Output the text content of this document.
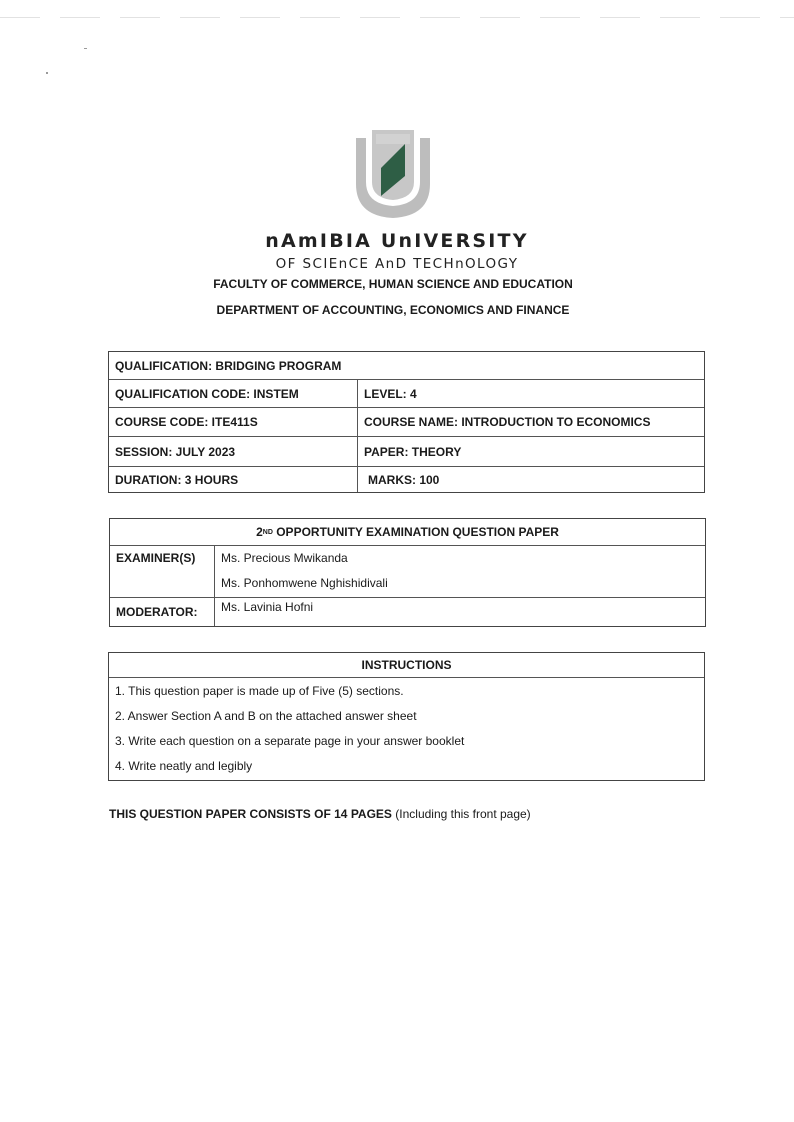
nAmIBIA UnIVERSITY
OF SCIEnCE AnD TECHnOLOGY
FACULTY OF COMMERCE, HUMAN SCIENCE AND EDUCATION
DEPARTMENT OF ACCOUNTING, ECONOMICS AND FINANCE
QUALIFICATION: BRIDGING PROGRAM
QUALIFICATION CODE: INSTEM	LEVEL: 4
COURSE CODE: ITE411S	COURSE NAME: INTRODUCTION TO ECONOMICS
SESSION: JULY 2023	PAPER: THEORY
DURATION: 3 HOURS	MARKS: 100
2 ND OPPORTUNITY EXAMINATION QUESTION PAPER
EXAMINER(S)	Ms. Precious Mwikanda
Ms. Ponhomwene Nghishidivali
MODERATOR:	Ms. Lavinia Hofni
INSTRUCTIONS
1. This question paper is made up of Five (5) sections.
2. Answer Section A and B on the attached answer sheet
3. Write each question on a separate page in your answer booklet
4. Write neatly and legibly
THIS QUESTION PAPER CONSISTS OF 14 PAGES (Including this front page)
